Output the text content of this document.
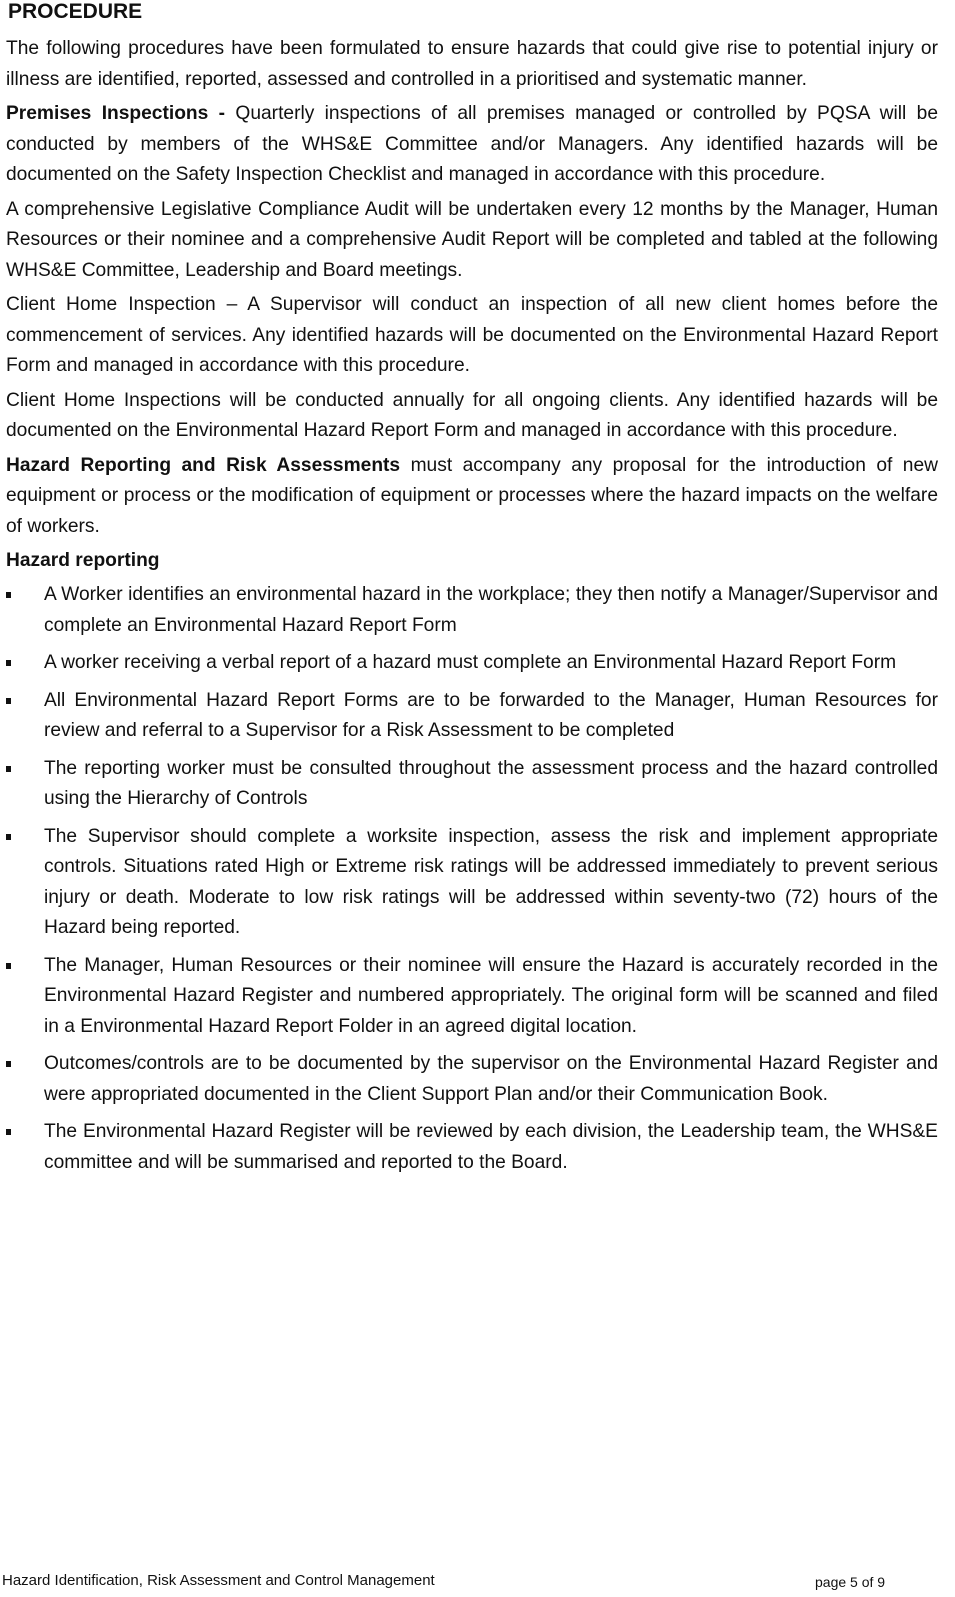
PROCEDURE

The following procedures have been formulated to ensure hazards that could give rise to potential injury or illness are identified, reported, assessed and controlled in a prioritised and systematic manner.

Premises Inspections - Quarterly inspections of all premises managed or controlled by PQSA will be conducted by members of the WHS&E Committee and/or Managers. Any identified hazards will be documented on the Safety Inspection Checklist and managed in accordance with this procedure.

A comprehensive Legislative Compliance Audit will be undertaken every 12 months by the Manager, Human Resources or their nominee and a comprehensive Audit Report will be completed and tabled at the following WHS&E Committee, Leadership and Board meetings.

Client Home Inspection – A Supervisor will conduct an inspection of all new client homes before the commencement of services. Any identified hazards will be documented on the Environmental Hazard Report Form and managed in accordance with this procedure.

Client Home Inspections will be conducted annually for all ongoing clients. Any identified hazards will be documented on the Environmental Hazard Report Form and managed in accordance with this procedure.

Hazard Reporting and Risk Assessments must accompany any proposal for the introduction of new equipment or process or the modification of equipment or processes where the hazard impacts on the welfare of workers.

Hazard reporting
A Worker identifies an environmental hazard in the workplace; they then notify a Manager/Supervisor and complete an Environmental Hazard Report Form
A worker receiving a verbal report of a hazard must complete an Environmental Hazard Report Form
All Environmental Hazard Report Forms are to be forwarded to the Manager, Human Resources for review and referral to a Supervisor for a Risk Assessment to be completed
The reporting worker must be consulted throughout the assessment process and the hazard controlled using the Hierarchy of Controls
The Supervisor should complete a worksite inspection, assess the risk and implement appropriate controls. Situations rated High or Extreme risk ratings will be addressed immediately to prevent serious injury or death. Moderate to low risk ratings will be addressed within seventy-two (72) hours of the Hazard being reported.
The Manager, Human Resources or their nominee will ensure the Hazard is accurately recorded in the Environmental Hazard Register and numbered appropriately. The original form will be scanned and filed in a Environmental Hazard Report Folder in an agreed digital location.
Outcomes/controls are to be documented by the supervisor on the Environmental Hazard Register and were appropriated documented in the Client Support Plan and/or their Communication Book.
The Environmental Hazard Register will be reviewed by each division, the Leadership team, the WHS&E committee and will be summarised and reported to the Board.
Hazard Identification, Risk Assessment and Control Management	page 5 of 9
